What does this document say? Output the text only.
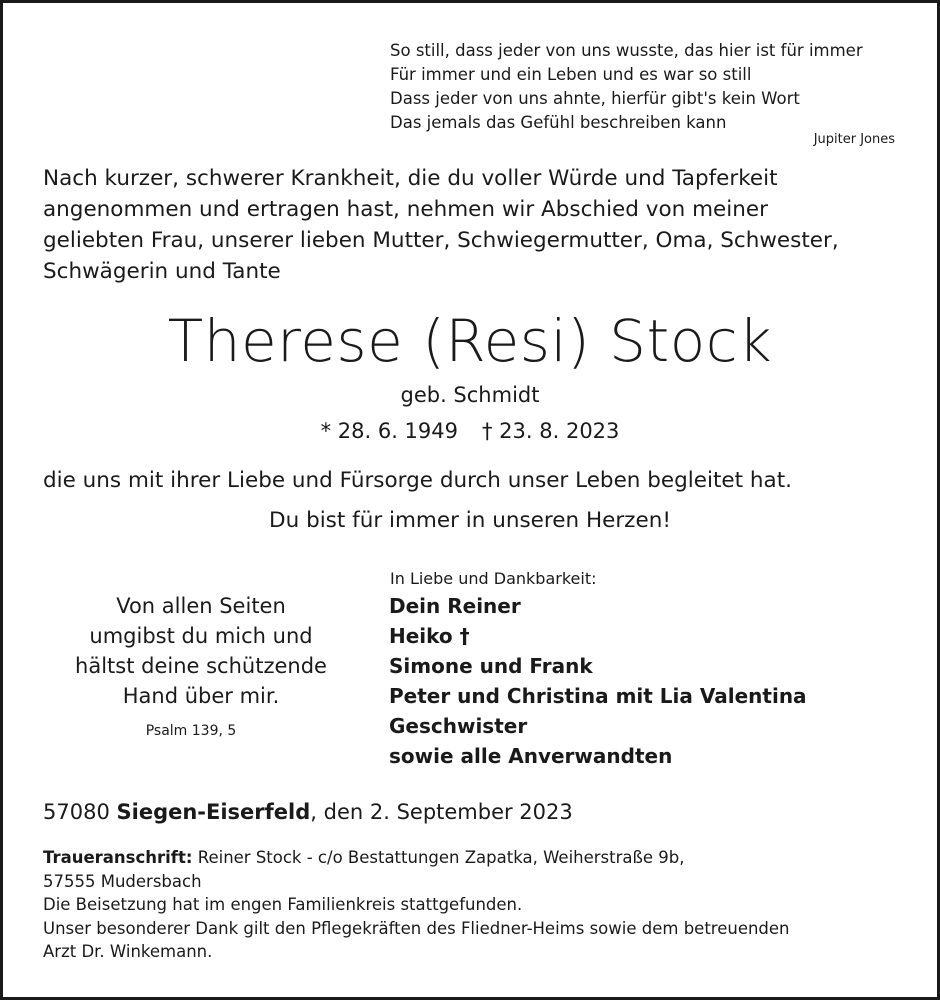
So still, dass jeder von uns wusste, das hier ist für immer
Für immer und ein Leben und es war so still
Dass jeder von uns ahnte, hierfür gibt's kein Wort
Das jemals das Gefühl beschreiben kann
Jupiter Jones
Nach kurzer, schwerer Krankheit, die du voller Würde und Tapferkeit
angenommen und ertragen hast, nehmen wir Abschied von meiner
geliebten Frau, unserer lieben Mutter, Schwiegermutter, Oma, Schwester,
Schwägerin und Tante
Therese (Resi) Stock
geb. Schmidt
* 28. 6. 1949 † 23. 8. 2023
die uns mit ihrer Liebe und Fürsorge durch unser Leben begleitet hat.
Du bist für immer in unseren Herzen!
Von allen Seiten
umgibst du mich und
hältst deine schützende
Hand über mir.
Psalm 139, 5
In Liebe und Dankbarkeit:
Dein Reiner
Heiko †
Simone und Frank
Peter und Christina mit Lia Valentina
Geschwister
sowie alle Anverwandten
57080 Siegen-Eiserfeld, den 2. September 2023
Traueranschrift: Reiner Stock - c/o Bestattungen Zapatka, Weiherstraße 9b,
57555 Mudersbach
Die Beisetzung hat im engen Familienkreis stattgefunden.
Unser besonderer Dank gilt den Pflegekräften des Fliedner-Heims sowie dem betreuenden
Arzt Dr. Winkemann.
